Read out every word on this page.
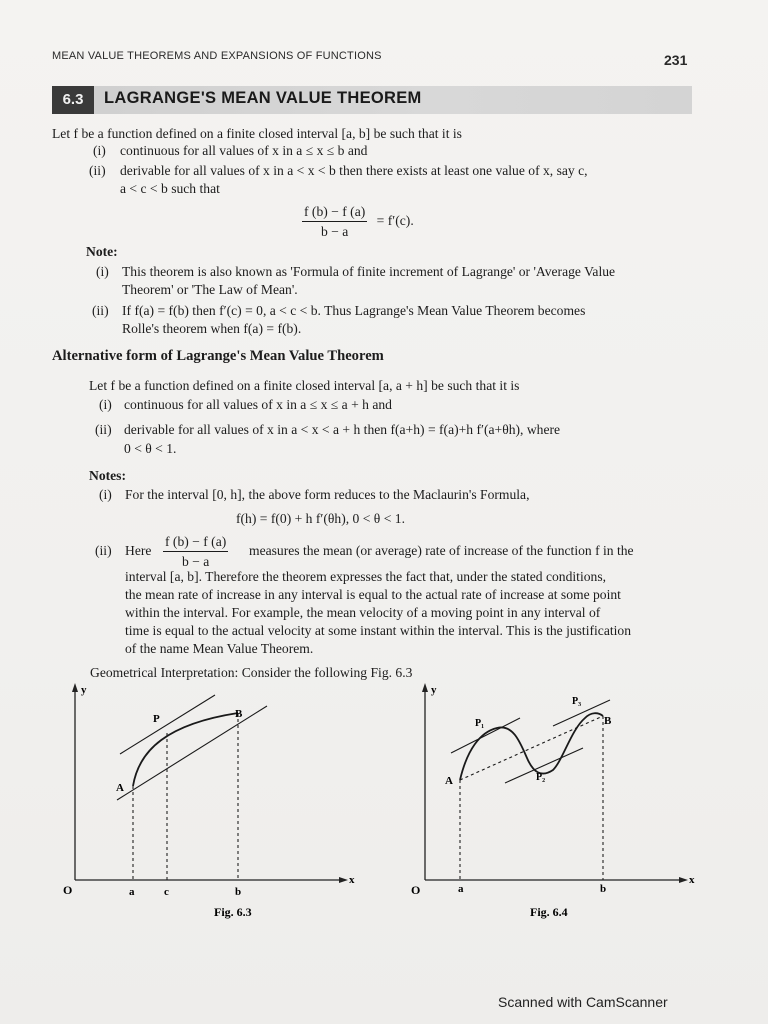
MEAN VALUE THEOREMS AND EXPANSIONS OF FUNCTIONS	231
6.3	LAGRANGE'S MEAN VALUE THEOREM
Let f be a function defined on a finite closed interval [a, b] be such that it is
(i) continuous for all values of x in a ≤ x ≤ b and
(ii) derivable for all values of x in a < x < b then there exists at least one value of x, say c,
a < c < b such that
$\frac{f (b) - f (a)}{b - a} = f'(c)$.
Note:
(i) This theorem is also known as 'Formula of finite increment of Lagrange' or 'Average Value
Theorem' or 'The Law of Mean'.
(ii) If f(a) = f(b) then f′(c) = 0, a < c < b. Thus Lagrange's Mean Value Theorem becomes
Rolle's theorem when f(a) = f(b).
Alternative form of Lagrange's Mean Value Theorem
Let f be a function defined on a finite closed interval [a, a + h] be such that it is
(i) continuous for all values of x in a ≤ x ≤ a + h and
(ii) derivable for all values of x in a < x < a + h then f(a+h) = f(a)+h f′(a+θh), where
0 < θ < 1.
Notes:
(i) For the interval [0, h], the above form reduces to the Maclaurin's Formula,
f(h) = f(0) + h f′(θh), 0 < θ < 1.
(ii) Here $\frac{f (b) - f (a)}{b - a}$ measures the mean (or average) rate of increase of the function f in the
interval [a, b]. Therefore the theorem expresses the fact that, under the stated conditions,
the mean rate of increase in any interval is equal to the actual rate of increase at some point
within the interval. For example, the mean velocity of a moving point in any interval of
time is equal to the actual velocity at some instant within the interval. This is the justification
of the name Mean Value Theorem.
Geometrical Interpretation: Consider the following Fig. 6.3
y
x
O
A
B
P
a	c	b
Fig. 6.3
y
x
O
A
B
P₁
P₂
P₃
a	b
Fig. 6.4
Scanned with CamScanner
